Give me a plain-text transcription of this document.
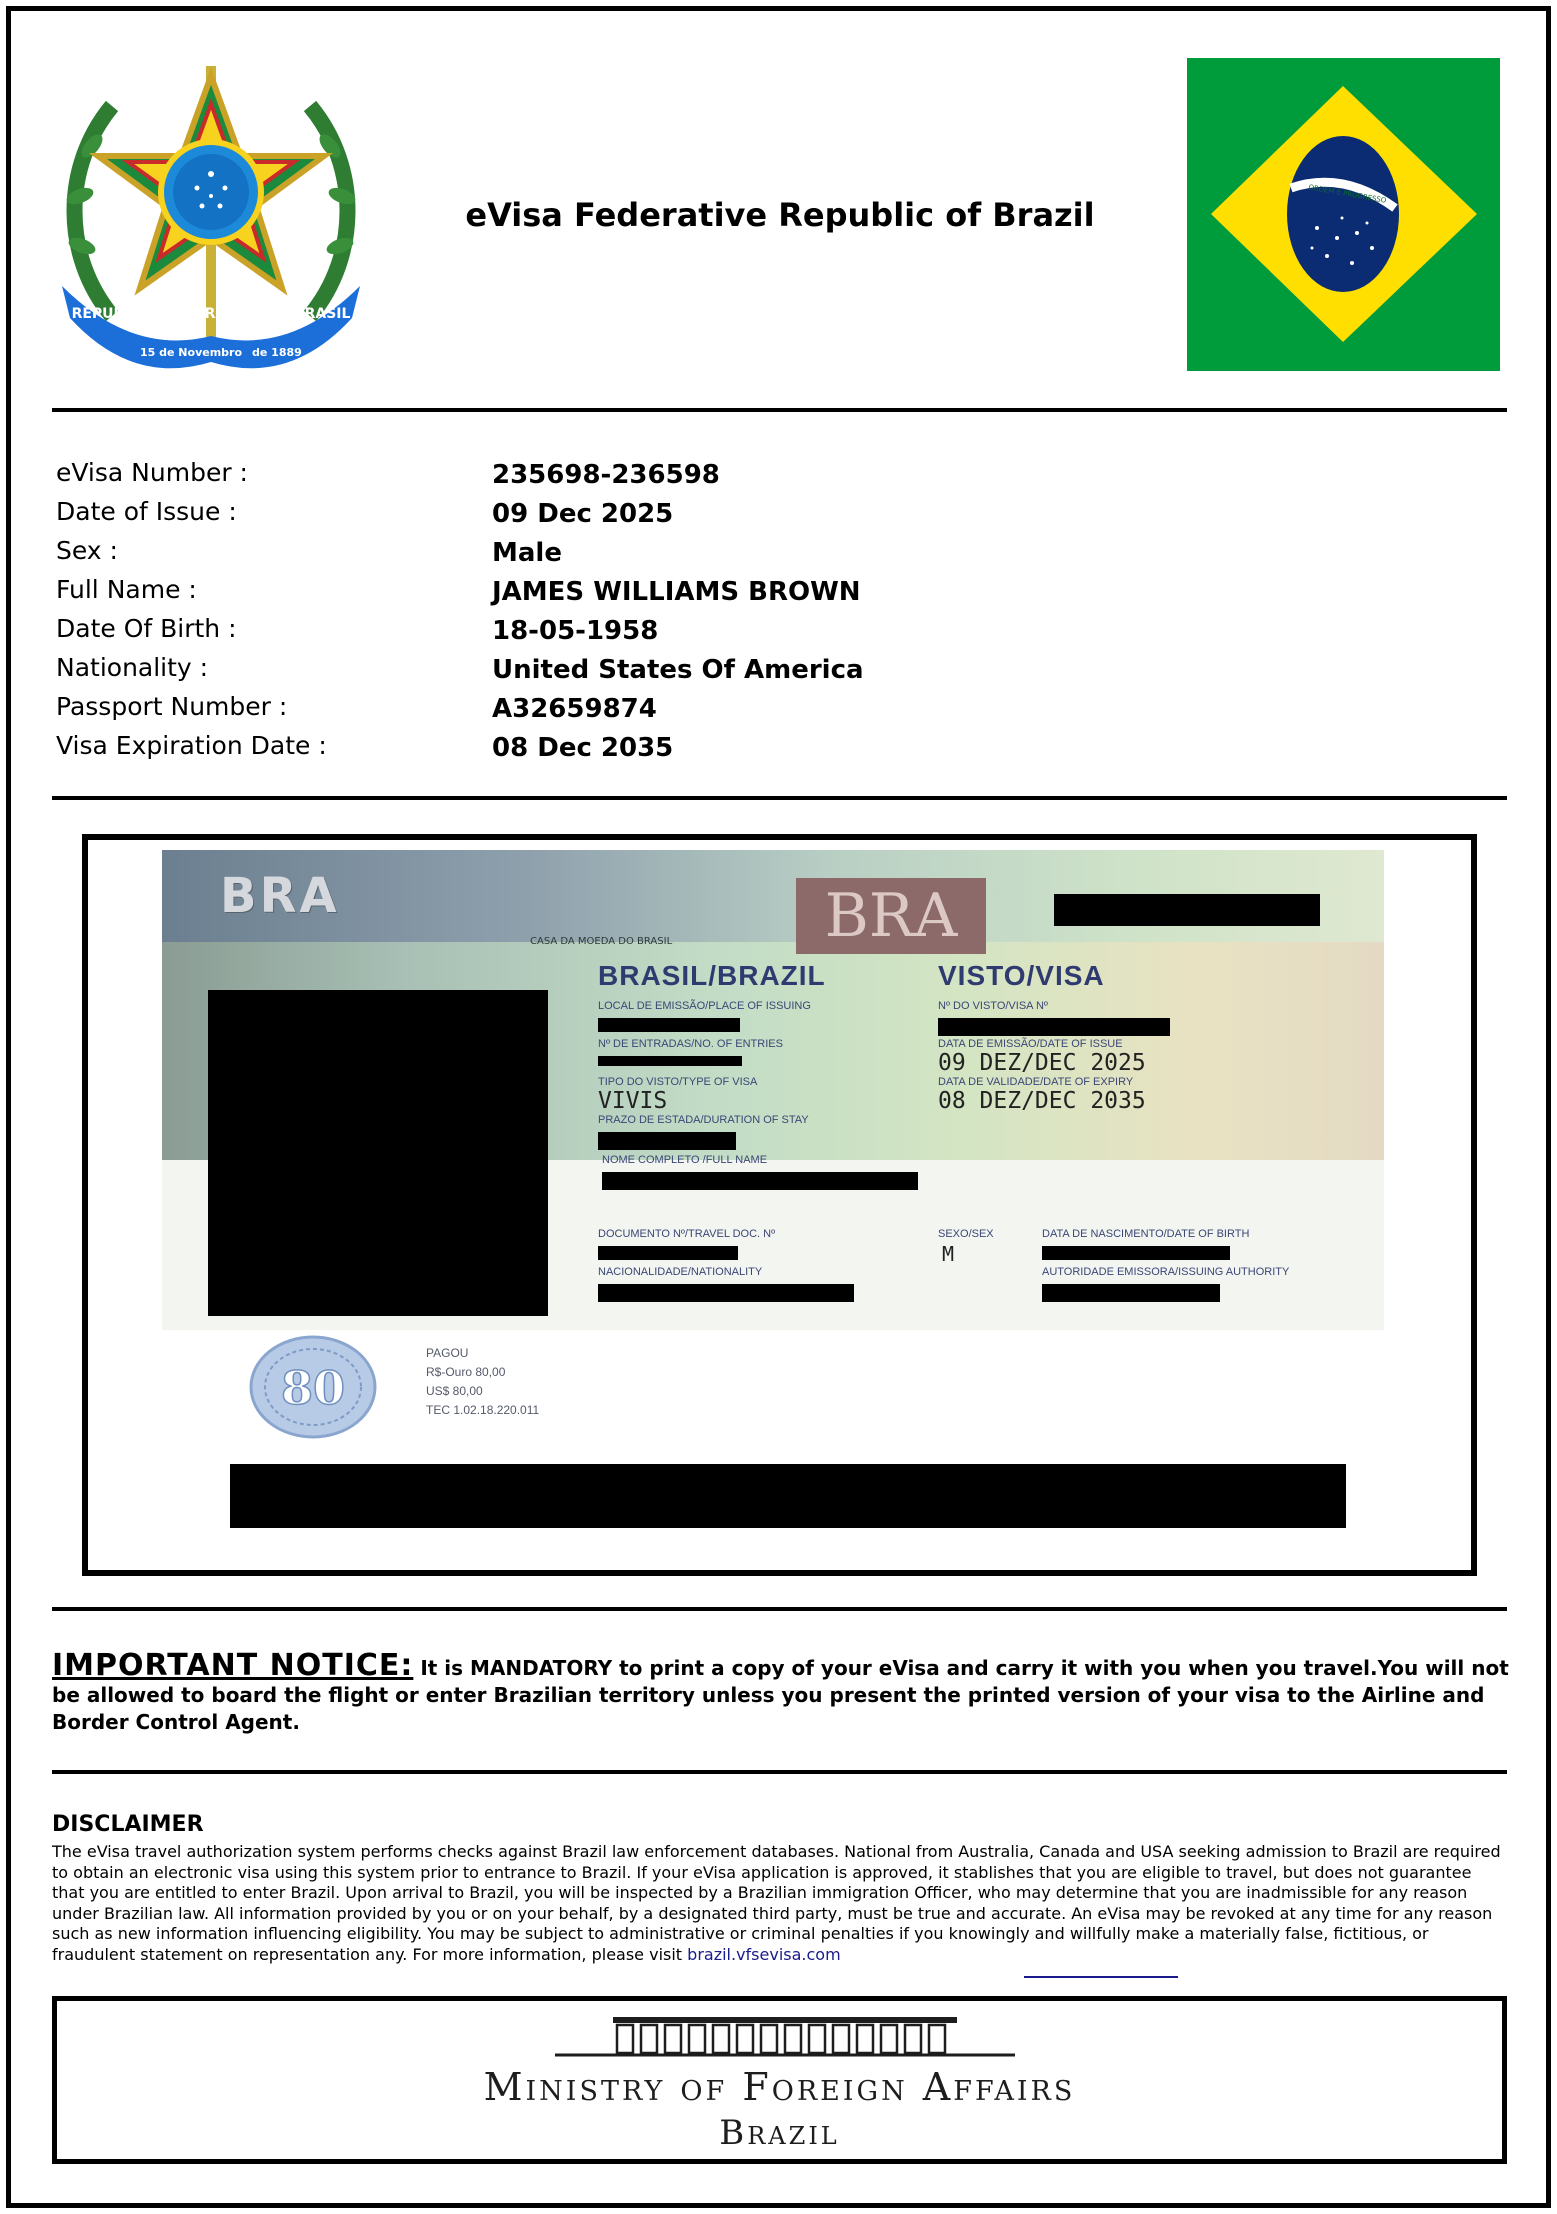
REPUBLICA FEDERATIVA DO BRASIL
15 de Novembro de 1889
eVisa Federative Republic of Brazil
ORDEM E PROGRESSO
eVisa Number :	235698-236598
Date of Issue :	09 Dec 2025
Sex :	Male
Full Name :	JAMES WILLIAMS BROWN
Date Of Birth :	18-05-1958
Nationality :	United States Of America
Passport Number :	A32659874
Visa Expiration Date :	08 Dec 2035
BRA	BRA
CASA DA MOEDA DO BRASIL
BRASIL/BRAZIL	VISTO/VISA
LOCAL DE EMISSÃO/PLACE OF ISSUING	Nº DO VISTO/VISA Nº
Nº DE ENTRADAS/NO. OF ENTRIES	DATA DE EMISSÃO/DATE OF ISSUE
09 DEZ/DEC 2025
TIPO DO VISTO/TYPE OF VISA
VIVIS
DATA DE VALIDADE/DATE OF EXPIRY
08 DEZ/DEC 2035
PRAZO DE ESTADA/DURATION OF STAY
NOME COMPLETO /FULL NAME
DOCUMENTO Nº/TRAVEL DOC. Nº	SEXO/SEX
M
DATA DE NASCIMENTO/DATE OF BIRTH
NACIONALIDADE/NATIONALITY	AUTORIDADE EMISSORA/ISSUING AUTHORITY
80
PAGOU
R$-Ouro 80,00
US$ 80,00
TEC 1.02.18.220.011
IMPORTANT NOTICE: It is MANDATORY to print a copy of your eVisa and carry it with you when you travel.You will not be allowed to board the flight or enter Brazilian territory unless you present the printed version of your visa to the Airline and Border Control Agent.
DISCLAIMER
The eVisa travel authorization system performs checks against Brazil law enforcement databases. National from Australia, Canada and USA seeking admission to Brazil are required to obtain an electronic visa using this system prior to entrance to Brazil. If your eVisa application is approved, it stablishes that you are eligible to travel, but does not guarantee that you are entitled to enter Brazil. Upon arrival to Brazil, you will be inspected by a Brazilian immigration Officer, who may determine that you are inadmissible for any reason under Brazilian law. All information provided by you or on your behalf, by a designated third party, must be true and accurate. An eVisa may be revoked at any time for any reason such as new information influencing eligibility. You may be subject to administrative or criminal penalties if you knowingly and willfully make a materially false, fictitious, or fraudulent statement on representation any. For more information, please visit brazil.vfsevisa.com
Ministry of Foreign Affairs
Brazil
